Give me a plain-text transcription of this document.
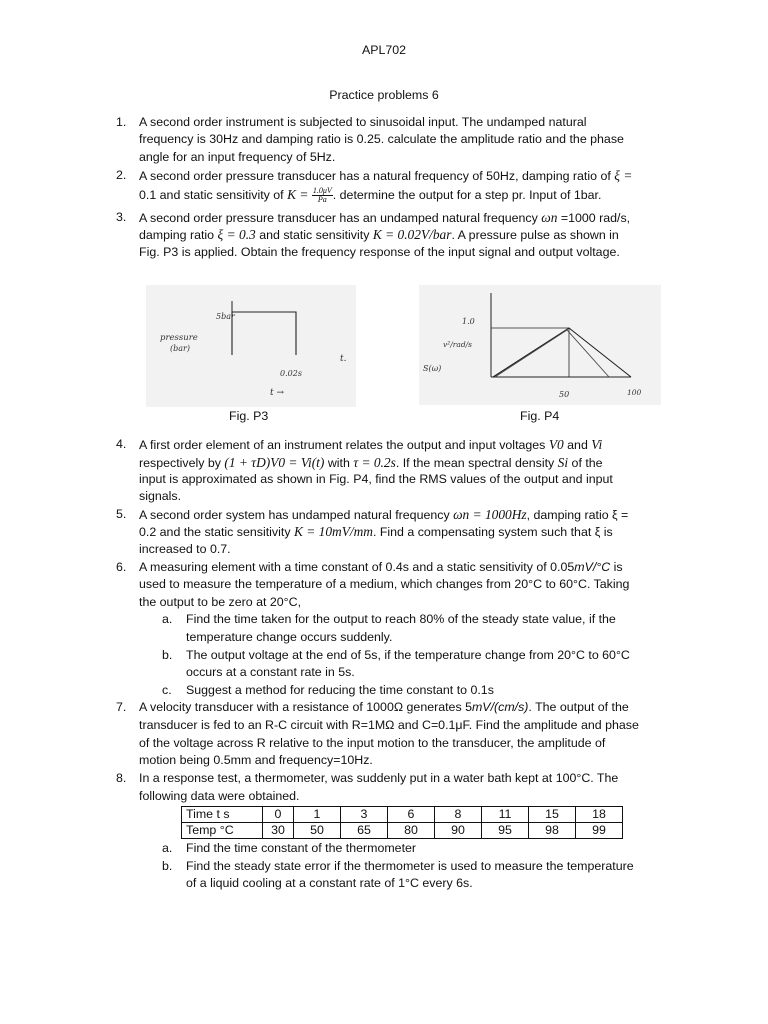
APL702
Practice problems 6
1.	A second order instrument is subjected to sinusoidal input. The undamped natural
frequency is 30Hz and damping ratio is 0.25. calculate the amplitude ratio and the phase
angle for an input frequency of 5Hz.
2.	A second order pressure transducer has a natural frequency of 50Hz, damping ratio of ξ =
0.1 and static sensitivity of $K = \frac{1.0\mu V}{Pa}$ . determine the output for a step pr. Input of 1bar.
3.	A second order pressure transducer has an undamped natural frequency ωn =1000 rad/s,
damping ratio ξ = 0.3 and static sensitivity K = 0.02V/bar. A pressure pulse as shown in
Fig. P3 is applied. Obtain the frequency response of the input signal and output voltage.
5bar
pressure
(bar)
t.
0.02s
t →
Fig. P3
1.0
v²/rad/s
S(ω)
50	100
Fig. P4
4.	A first order element of an instrument relates the output and input voltages V0 and Vi
respectively by (1 + τD)V0 = Vi(t) with τ = 0.2s. If the mean spectral density Si of the
input is approximated as shown in Fig. P4, find the RMS values of the output and input
signals.
5.	A second order system has undamped natural frequency ωn = 1000Hz, damping ratio ξ =
0.2 and the static sensitivity K = 10mV/mm. Find a compensating system such that ξ is
increased to 0.7.
6.	A measuring element with a time constant of 0.4s and a static sensitivity of 0.05mV/°C is
used to measure the temperature of a medium, which changes from 20°C to 60°C. Taking
the output to be zero at 20°C,
a. Find the time taken for the output to reach 80% of the steady state value, if the
temperature change occurs suddenly.
b. The output voltage at the end of 5s, if the temperature change from 20°C to 60°C
occurs at a constant rate in 5s.
c. Suggest a method for reducing the time constant to 0.1s
7.	A velocity transducer with a resistance of 1000Ω generates 5mV/(cm/s). The output of the
transducer is fed to an R-C circuit with R=1MΩ and C=0.1μF. Find the amplitude and phase
of the voltage across R relative to the input motion to the transducer, the amplitude of
motion being 0.5mm and frequency=10Hz.
8.	In a response test, a thermometer, was suddenly put in a water bath kept at 100°C. The
following data were obtained.
Time t s	0	1	3	6	8	11	15	18
Temp °C	30	50	65	80	90	95	98	99
a. Find the time constant of the thermometer
b. Find the steady state error if the thermometer is used to measure the temperature
of a liquid cooling at a constant rate of 1°C every 6s.
